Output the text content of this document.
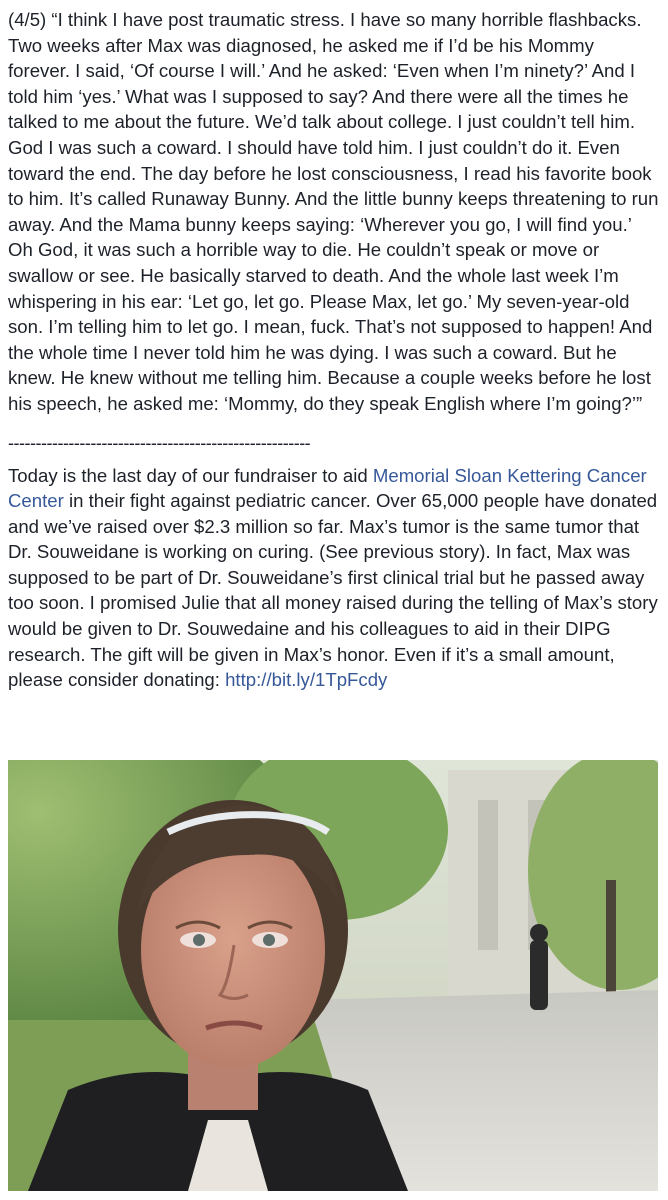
(4/5) “I think I have post traumatic stress. I have so many horrible flashbacks. Two weeks after Max was diagnosed, he asked me if I’d be his Mommy forever. I said, ‘Of course I will.’ And he asked: ‘Even when I’m ninety?’ And I told him ‘yes.’ What was I supposed to say? And there were all the times he talked to me about the future. We’d talk about college. I just couldn’t tell him. God I was such a coward. I should have told him. I just couldn’t do it. Even toward the end. The day before he lost consciousness, I read his favorite book to him. It’s called Runaway Bunny. And the little bunny keeps threatening to run away. And the Mama bunny keeps saying: ‘Wherever you go, I will find you.’ Oh God, it was such a horrible way to die. He couldn’t speak or move or swallow or see. He basically starved to death. And the whole last week I’m whispering in his ear: ‘Let go, let go. Please Max, let go.’ My seven-year-old son. I’m telling him to let go. I mean, fuck. That’s not supposed to happen! And the whole time I never told him he was dying. I was such a coward. But he knew. He knew without me telling him. Because a couple weeks before he lost his speech, he asked me: ‘Mommy, do they speak English where I’m going?’”

-------------------------------------------------------

Today is the last day of our fundraiser to aid Memorial Sloan Kettering Cancer Center in their fight against pediatric cancer. Over 65,000 people have donated and we’ve raised over $2.3 million so far. Max’s tumor is the same tumor that Dr. Souweidane is working on curing. (See previous story). In fact, Max was supposed to be part of Dr. Souweidane’s first clinical trial but he passed away too soon. I promised Julie that all money raised during the telling of Max’s story would be given to Dr. Souwedaine and his colleagues to aid in their DIPG research. The gift will be given in Max’s honor. Even if it’s a small amount, please consider donating: http://bit.ly/1TpFcdy
